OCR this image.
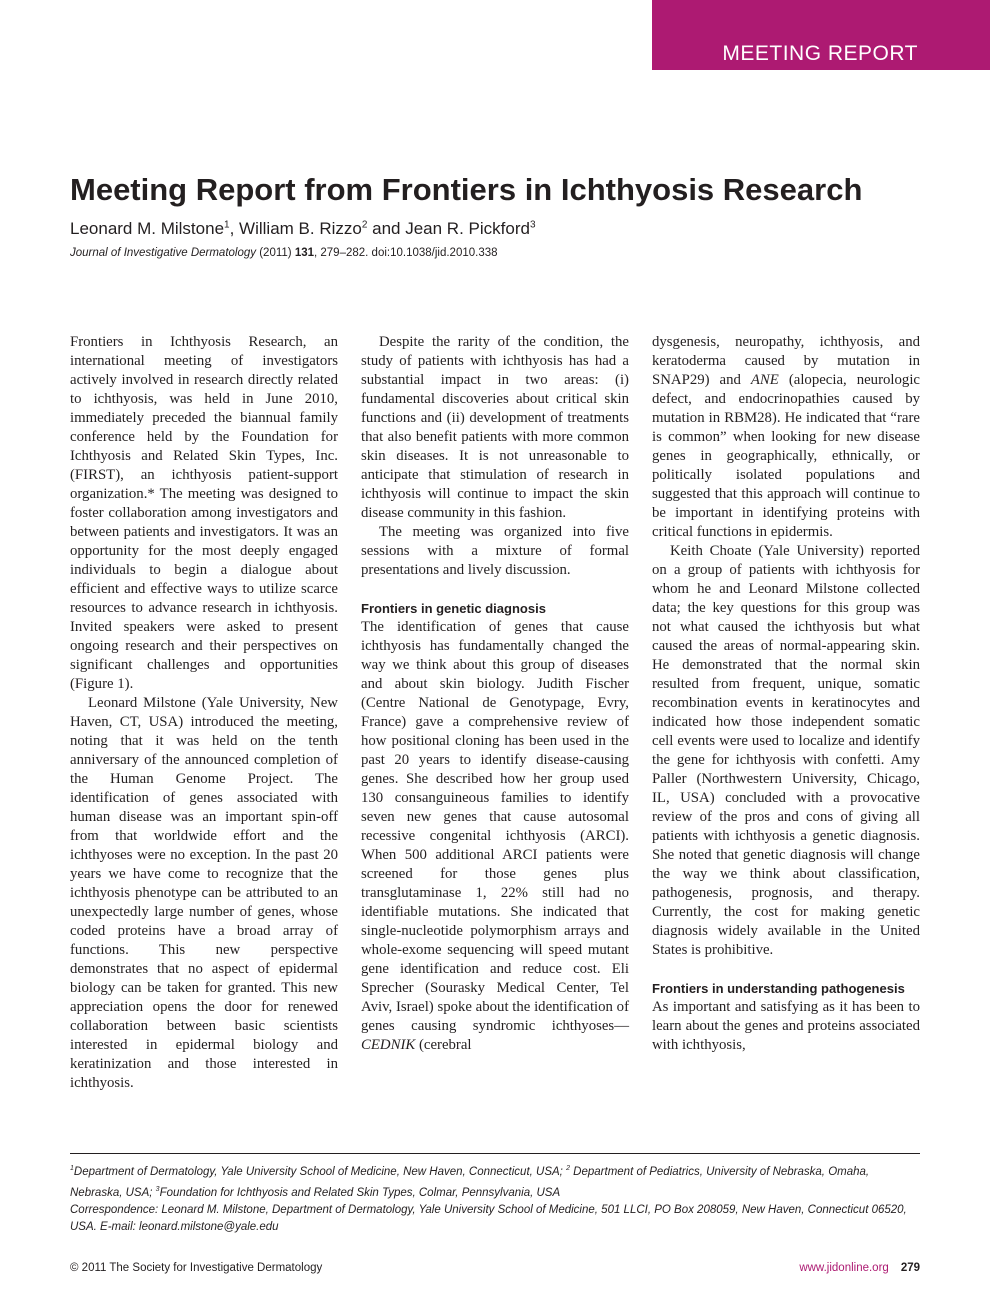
MEETING REPORT
Meeting Report from Frontiers in Ichthyosis Research
Leonard M. Milstone$^1$, William B. Rizzo$^2$ and Jean R. Pickford$^3$
Journal of Investigative Dermatology (2011) 131, 279–282. doi:10.1038/jid.2010.338

Frontiers in Ichthyosis Research, an international meeting of investigators actively involved in research directly related to ichthyosis, was held in June 2010, immediately preceded the biannual family conference held by the Foundation for Ichthyosis and Related Skin Types, Inc. (FIRST), an ichthyosis patient-support organization.* The meeting was designed to foster collaboration among investigators and between patients and investigators. It was an opportunity for the most deeply engaged individuals to begin a dialogue about efficient and effective ways to utilize scarce resources to advance research in ichthyosis. Invited speakers were asked to present ongoing research and their perspectives on significant challenges and opportunities (Figure 1).

Leonard Milstone (Yale University, New Haven, CT, USA) introduced the meeting, noting that it was held on the tenth anniversary of the announced completion of the Human Genome Project. The identification of genes associated with human disease was an important spin-off from that worldwide effort and the ichthyoses were no exception. In the past 20 years we have come to recognize that the ichthyosis phenotype can be attributed to an unexpectedly large number of genes, whose coded proteins have a broad array of functions. This new perspective demonstrates that no aspect of epidermal biology can be taken for granted. This new appreciation opens the door for renewed collaboration between basic scientists interested in epidermal biology and keratinization and those interested in ichthyosis.

Despite the rarity of the condition, the study of patients with ichthyosis has had a substantial impact in two areas: (i) fundamental discoveries about critical skin functions and (ii) development of treatments that also benefit patients with more common skin diseases. It is not unreasonable to anticipate that stimulation of research in ichthyosis will continue to impact the skin disease community in this fashion.

The meeting was organized into five sessions with a mixture of formal presentations and lively discussion.

Frontiers in genetic diagnosis

The identification of genes that cause ichthyosis has fundamentally changed the way we think about this group of diseases and about skin biology. Judith Fischer (Centre National de Genotypage, Evry, France) gave a comprehensive review of how positional cloning has been used in the past 20 years to identify disease-causing genes. She described how her group used 130 consanguineous families to identify seven new genes that cause autosomal recessive congenital ichthyosis (ARCI). When 500 additional ARCI patients were screened for those genes plus transglutaminase 1, 22% still had no identifiable mutations. She indicated that single-nucleotide polymorphism arrays and whole-exome sequencing will speed mutant gene identification and reduce cost. Eli Sprecher (Sourasky Medical Center, Tel Aviv, Israel) spoke about the identification of genes causing syndromic ichthyoses—CEDNIK (cerebral

dysgenesis, neuropathy, ichthyosis, and keratoderma caused by mutation in SNAP29) and ANE (alopecia, neurologic defect, and endocrinopathies caused by mutation in RBM28). He indicated that “rare is common” when looking for new disease genes in geographically, ethnically, or politically isolated populations and suggested that this approach will continue to be important in identifying proteins with critical functions in epidermis.

Keith Choate (Yale University) reported on a group of patients with ichthyosis for whom he and Leonard Milstone collected data; the key questions for this group was not what caused the ichthyosis but what caused the areas of normal-appearing skin. He demonstrated that the normal skin resulted from frequent, unique, somatic recombination events in keratinocytes and indicated how those independent somatic cell events were used to localize and identify the gene for ichthyosis with confetti. Amy Paller (Northwestern University, Chicago, IL, USA) concluded with a provocative review of the pros and cons of giving all patients with ichthyosis a genetic diagnosis. She noted that genetic diagnosis will change the way we think about classification, pathogenesis, prognosis, and therapy. Currently, the cost for making genetic diagnosis widely available in the United States is prohibitive.

Frontiers in understanding pathogenesis

As important and satisfying as it has been to learn about the genes and proteins associated with ichthyosis,

$^1$Department of Dermatology, Yale University School of Medicine, New Haven, Connecticut, USA; $^2$ Department of Pediatrics, University of Nebraska, Omaha, Nebraska, USA; $^3$Foundation for Ichthyosis and Related Skin Types, Colmar, Pennsylvania, USA

Correspondence: Leonard M. Milstone, Department of Dermatology, Yale University School of Medicine, 501 LLCI, PO Box 208059, New Haven, Connecticut 06520, USA. E-mail: leonard.milstone@yale.edu

© 2011 The Society for Investigative Dermatology	www.jidonline.org 279
